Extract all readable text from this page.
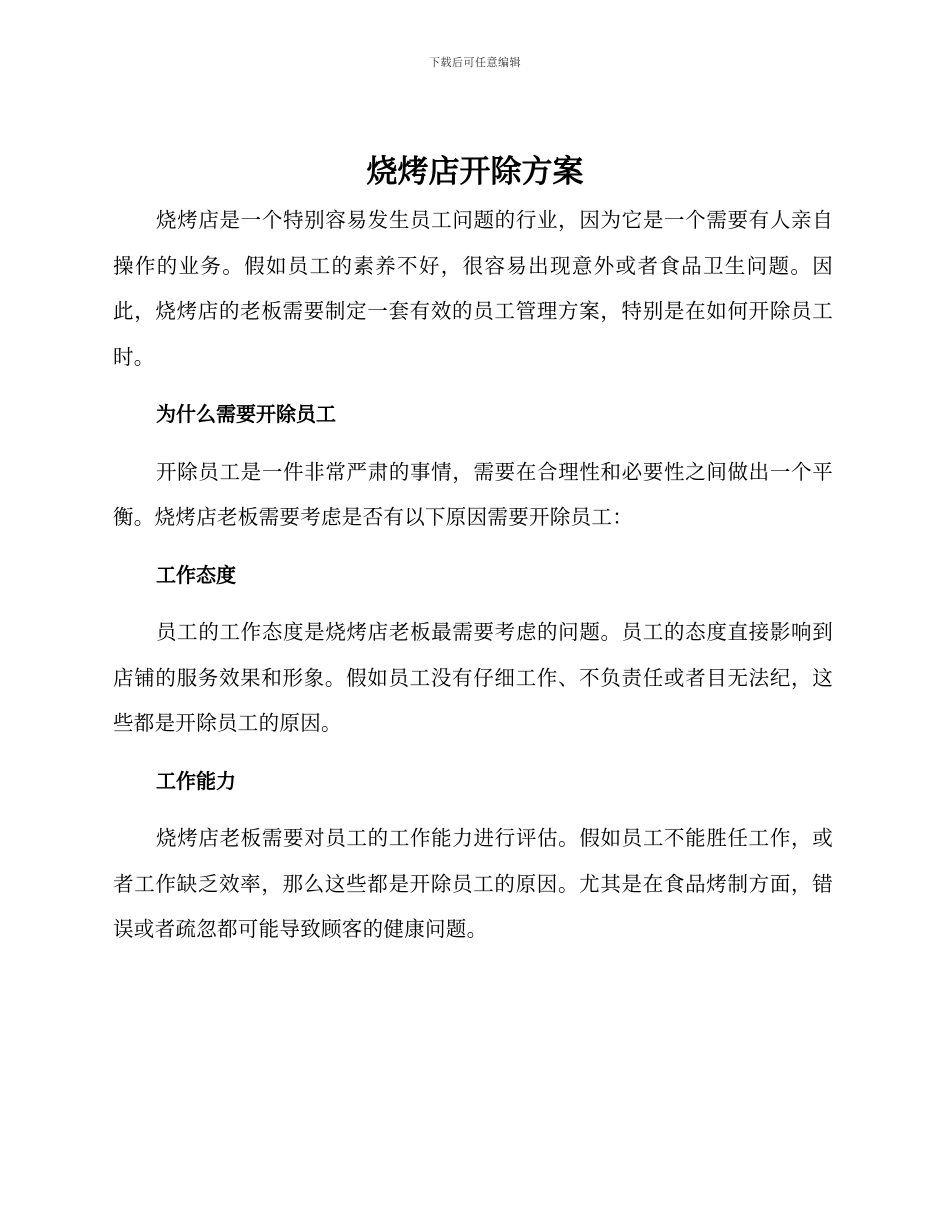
下载后可任意编辑
烧烤店开除方案

烧烤店是一个特别容易发生员工问题的行业，因为它是一个需要有人亲自操作的业务。假如员工的素养不好，很容易出现意外或者食品卫生问题。因此，烧烤店的老板需要制定一套有效的员工管理方案，特别是在如何开除员工时。

为什么需要开除员工

开除员工是一件非常严肃的事情，需要在合理性和必要性之间做出一个平衡。烧烤店老板需要考虑是否有以下原因需要开除员工：

工作态度

员工的工作态度是烧烤店老板最需要考虑的问题。员工的态度直接影响到店铺的服务效果和形象。假如员工没有仔细工作、不负责任或者目无法纪，这些都是开除员工的原因。

工作能力

烧烤店老板需要对员工的工作能力进行评估。假如员工不能胜任工作，或者工作缺乏效率，那么这些都是开除员工的原因。尤其是在食品烤制方面，错误或者疏忽都可能导致顾客的健康问题。
